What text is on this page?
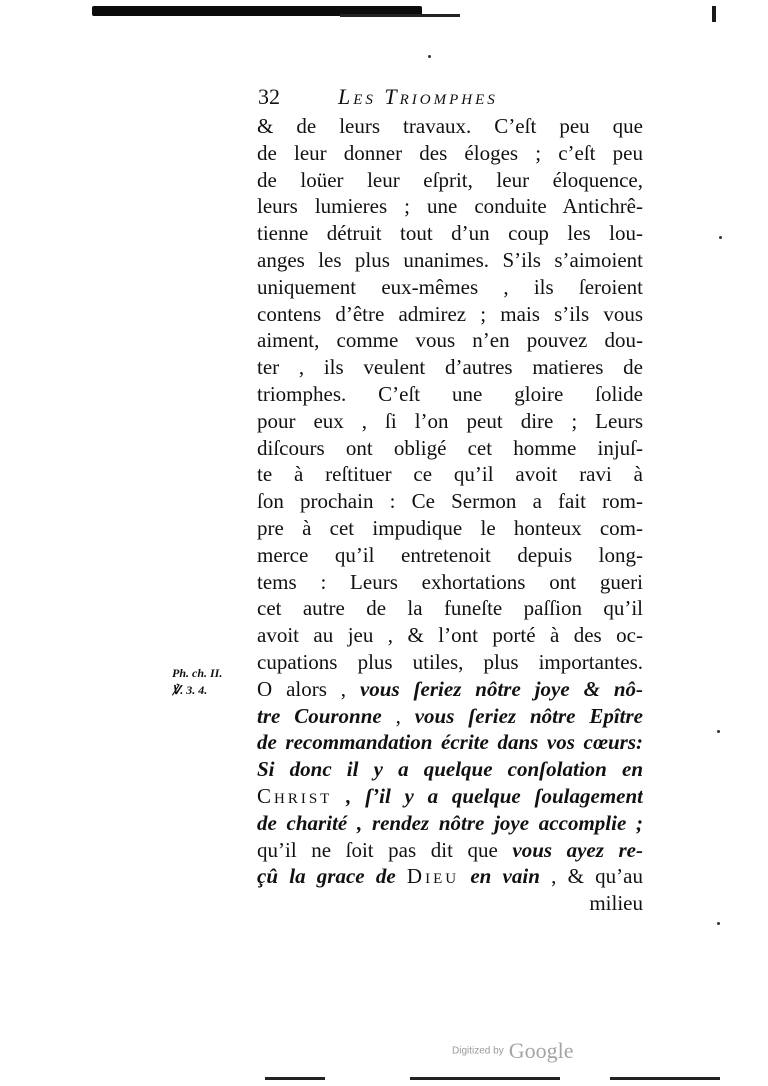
32	Les Triomphes
Ph. ch. II.
℣. 3. 4.
& de leurs travaux. C’eſt peu que
de leur donner des éloges ; c’eſt peu
de loüer leur eſprit, leur éloquence,
leurs lumieres ; une conduite Antichrê-
tienne détruit tout d’un coup les lou-
anges les plus unanimes. S’ils s’aimoient
uniquement eux-mêmes , ils ſeroient
contens d’être admirez ; mais s’ils vous
aiment, comme vous n’en pouvez dou-
ter , ils veulent d’autres matieres de
triomphes. C’eſt une gloire ſolide
pour eux , ſi l’on peut dire ; Leurs
diſcours ont obligé cet homme injuſ-
te à reſtituer ce qu’il avoit ravi à
ſon prochain : Ce Sermon a fait rom-
pre à cet impudique le honteux com-
merce qu’il entretenoit depuis long-
tems : Leurs exhortations ont gueri
cet autre de la funeſte paſſion qu’il
avoit au jeu , & l’ont porté à des oc-
cupations plus utiles, plus importantes.
O alors , vous ſeriez nôtre joye & nô-
tre Couronne , vous ſeriez nôtre Epître
de recommandation écrite dans vos cœurs:
Si donc il y a quelque conſolation en
Christ , ſ’il y a quelque ſoulagement
de charité , rendez nôtre joye accomplie ;
qu’il ne ſoit pas dit que vous ayez re-
çû la grace de Dieu en vain , & qu’au
milieu
Digitized by Google
